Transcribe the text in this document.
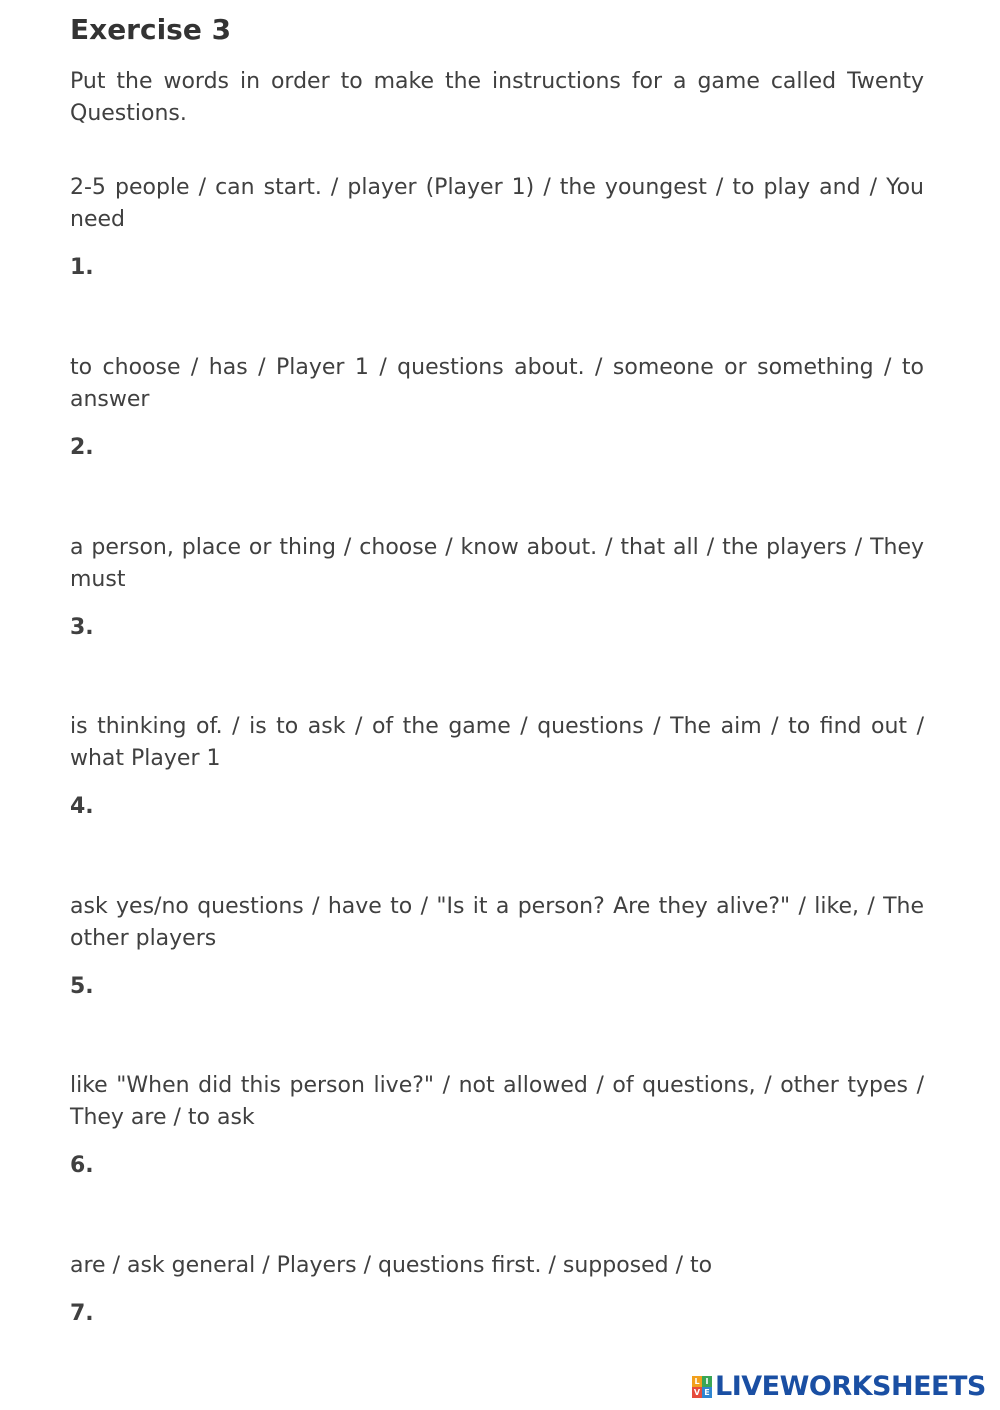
Exercise 3

Put the words in order to make the instructions for a game called Twenty Questions.

2-5 people / can start. / player (Player 1) / the youngest / to play and / You need

1.

to choose / has / Player 1 / questions about. / someone or something / to answer

2.

a person, place or thing / choose / know about. / that all / the players / They must

3.

is thinking of. / is to ask / of the game / questions / The aim / to find out / what Player 1

4.

ask yes/no questions / have to / "Is it a person? Are they alive?" / like, / The other players

5.

like "When did this person live?" / not allowed / of questions, / other types / They are / to ask

6.

are / ask general / Players / questions first. / supposed / to

7.
L I
V E LIVEWORKSHEETS
